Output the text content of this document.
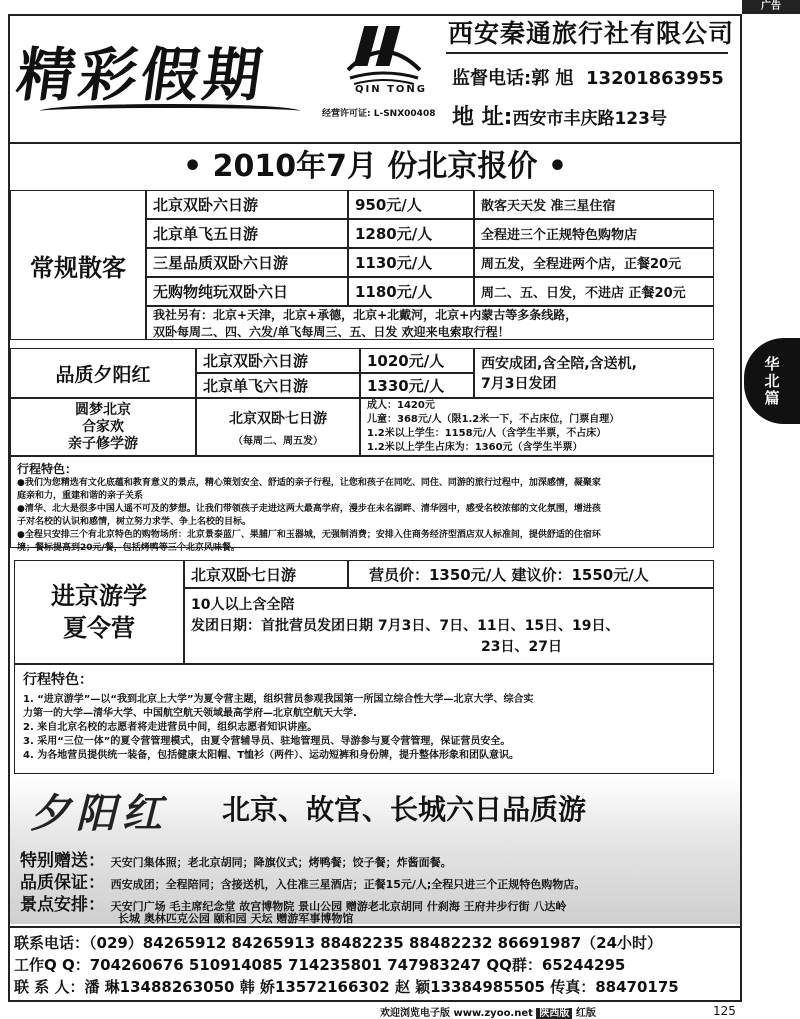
广告
精彩假期	QIN TONG
西安秦通旅行社有限公司
监督电话:郭 旭 13201863955
经营许可证: L-SNX00408 地 址:西安市丰庆路123号
• 2010年7月 份北京报价 •
常规散客
北京双卧六日游	950元/人	散客天天发 准三星住宿
北京单飞五日游	1280元/人	全程进三个正规特色购物店
三星品质双卧六日游	1130元/人	周五发，全程进两个店，正餐20元
无购物纯玩双卧六日	1180元/人	周二、五、日发，不进店 正餐20元
我社另有：北京+天津，北京+承德，北京+北戴河，北京+内蒙古等多条线路，
双卧每周二、四、六发/单飞每周三、五、日发 欢迎来电索取行程！
品质夕阳红
北京双卧六日游	1020元/人
北京单飞六日游	1330元/人
西安成团,含全陪,含送机,
7月3日发团
圆梦北京
合家欢
亲子修学游
北京双卧七日游
（每周二、周五发）
成人：1420元
儿童：368元/人（限1.2米一下，不占床位，门票自理）
1.2米以上学生：1158元/人（含学生半票，不占床）
1.2米以上学生占床为：1360元（含学生半票）
行程特色：
●我们为您精选有文化底蕴和教育意义的景点，精心策划安全、舒适的亲子行程，让您和孩子在同吃、同住、同游的旅行过程中，加深感情，凝聚家
庭亲和力，重建和谐的亲子关系
●清华、北大是很多中国人遥不可及的梦想。让我们带领孩子走进这两大最高学府，漫步在未名湖畔、清华园中，感受名校浓郁的文化氛围，增进孩
子对名校的认识和感情，树立努力求学、争上名校的目标。
●全程只安排三个有北京特色的购物场所：北京景泰蓝厂、果脯厂和玉器城，无强制消费；安排入住商务经济型酒店双人标准间，提供舒适的住宿环
境；餐标提高到20元/餐，包括烤鸭等三个北京风味餐。
进京游学
夏令营
北京双卧七日游	营员价：1350元/人 建议价：1550元/人
10人以上含全陪
发团日期：首批营员发团日期 7月3日、7日、11日、15日、19日、
23日、27日
行程特色：
1. “进京游学”—以“我到北京上大学”为夏令营主题，组织营员参观我国第一所国立综合性大学—北京大学、综合实
力第一的大学—清华大学、中国航空航天领域最高学府—北京航空航天大学.
2. 来自北京名校的志愿者将走进营员中间，组织志愿者知识讲座。
3. 采用“三位一体”的夏令营管理模式，由夏令营辅导员、驻地管理员、导游参与夏令营管理，保证营员安全。
4. 为各地营员提供统一装备，包括健康太阳帽、T恤衫（两件）、运动短裤和身份牌，提升整体形象和团队意识。
夕阳红 北京、故宫、长城六日品质游
特别赠送： 天安门集体照；老北京胡同；降旗仪式；烤鸭餐；饺子餐；炸酱面餐。
品质保证： 西安成团；全程陪同；含接送机，入住准三星酒店；正餐15元/人;全程只进三个正规特色购物店。
景点安排： 天安门广场 毛主席纪念堂 故宫博物院 景山公园 赠游老北京胡同 什刹海 王府井步行街 八达岭
长城 奥林匹克公园 颐和园 天坛 赠游军事博物馆
联系电话：（029）84265912 84265913 88482235 88482232 86691987（24小时）
工作Q Q：704260676 510914085 714235801 747983247 QQ群：65244295
联 系 人：潘 琳13488263050 韩 娇13572166302 赵 颖13384985505 传真：88470175
华北篇
欢迎浏览电子版 www.zyoo.net 陕西版 红版	125
